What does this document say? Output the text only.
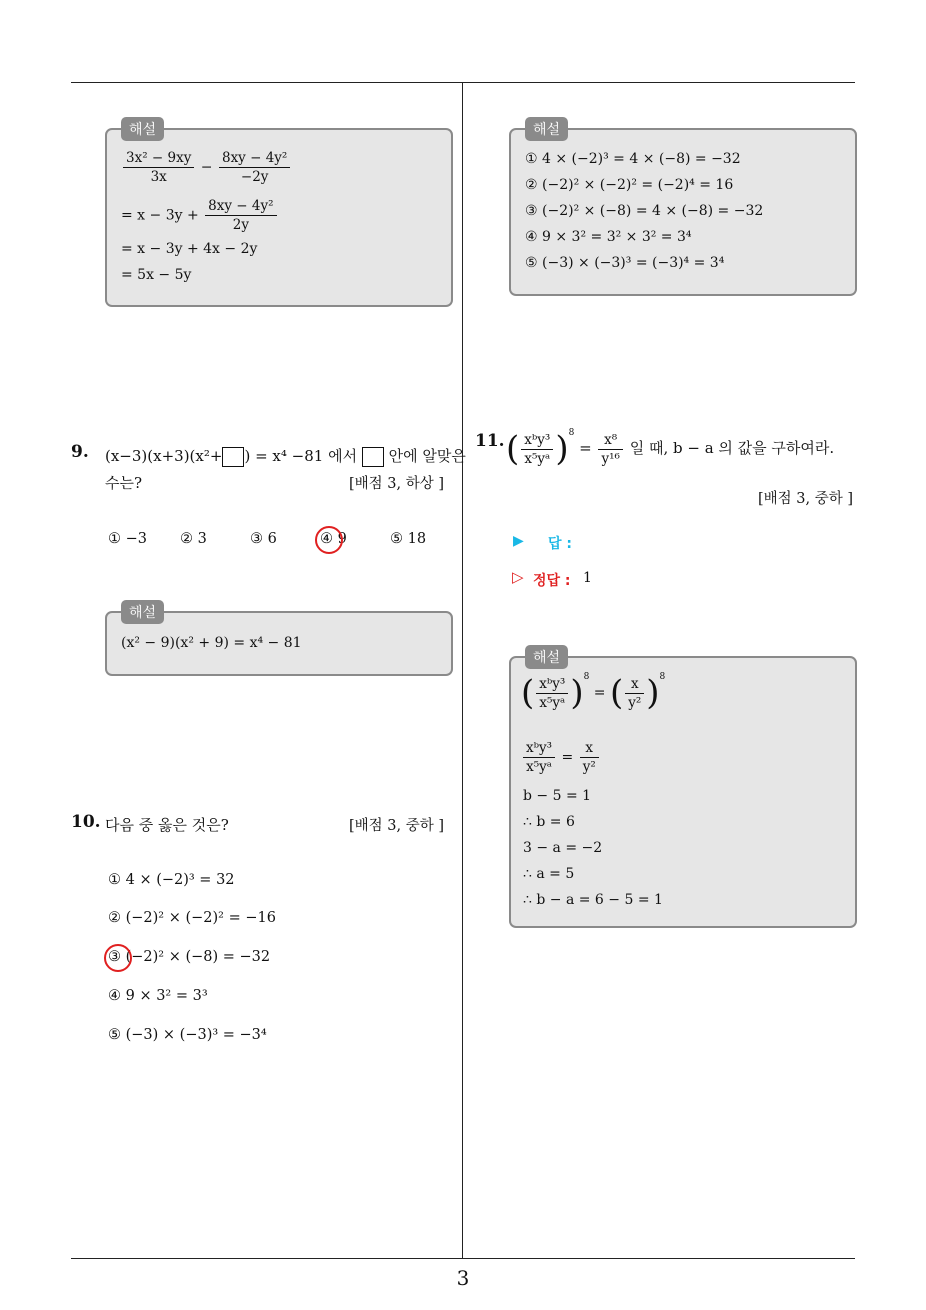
해설
$\frac{\text{3x² − 9xy}}{3x} - \frac{\text{8xy − 4y²}}{-2y}$
= $x - 3y + \frac{\text{8xy − 4y²}}{2y}$
= x − 3y + 4x − 2y
= 5x − 5y
해설
① 4 × (−2)³ = 4 × (−8) = −32
② (−2)² × (−2)² = (−2)⁴ = 16
③ (−2)² × (−8) = 4 × (−8) = −32
④ 9 × 3² = 3² × 3² = 3⁴
⑤ (−3) × (−3)³ = (−3)⁴ = 3⁴
9. (x−3)(x+3)(x²+ ) = x⁴ −81 에서 안에 알맞은
수는?	[배점 3, 하상 ]
① −3 ② 3	③ 6	④ 9	⑤ 18
해설
(x² − 9)(x² + 9) = x⁴ − 81
10. 다음 중 옳은 것은?	[배점 3, 중하 ]
① 4 × (−2)³ = 32
② (−2)² × (−2)² = −16
③ (−2)² × (−8) = −32
④ 9 × 3² = 3³
⑤ (−3) × (−3)³ = −3⁴
11. ( $\frac{\text{xᵇy³}}{\text{x⁵yᵃ}} )^8 = \frac{\text{x⁸}}{\text{y¹⁶}}$ 일 때, b − a 의 값을 구하여라.
[배점 3, 중하 ]
▶ 답 :
▷ 정답 : 1
해설
( $\frac{\text{xᵇy³}}{\text{x⁵yᵃ}} )^8$ = ( $\frac{x}{\text{y²}} )^8$
$\frac{\text{xᵇy³}}{\text{x⁵yᵃ}} = \frac{x}{\text{y²}}$
b − 5 = 1
∴ b = 6
3 − a = −2
∴ a = 5
∴ b − a = 6 − 5 = 1
3
